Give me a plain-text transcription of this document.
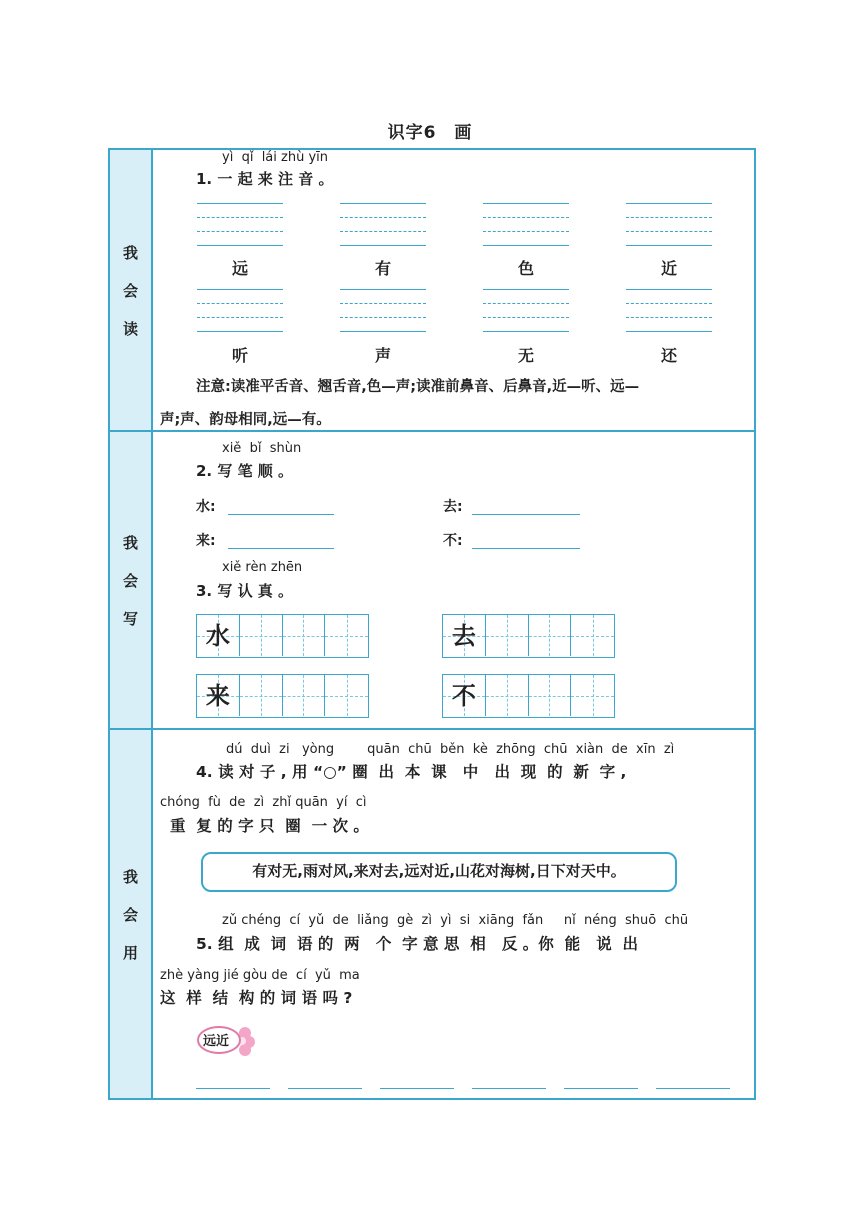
识字6　画
我
会
读
我
会
写
我
会
用
yì  qǐ  lái zhù yīn
1. 一 起 来 注 音 。
远	有	色	近
听	声	无	还
注意:读准平舌音、翘舌音,色—声;读准前鼻音、后鼻音,近—听、远—
声;声、韵母相同,远—有。
xiě  bǐ  shùn
2. 写 笔 顺 。
水:	去:
来:	不:
xiě rèn zhēn
3. 写 认 真 。
水	去
来	不
dú  duì  zi   yòng        quān  chū  běn  kè  zhōng  chū  xiàn  de  xīn  zì
4. 读 对 子 , 用 “○” 圈  出  本  课   中   出  现  的  新  字 ,
chóng  fù  de  zì  zhǐ quān  yí  cì
重  复 的 字 只  圈  一 次 。
有对无,雨对风,来对去,远对近,山花对海树,日下对天中。
zǔ chéng  cí  yǔ  de  liǎng  gè  zì  yì  si  xiāng  fǎn     nǐ  néng  shuō  chū
5. 组  成  词  语 的  两   个  字 意 思  相   反 。你  能   说  出
zhè yàng jié gòu de  cí  yǔ  ma
这  样  结  构 的 词 语 吗 ?
远近
